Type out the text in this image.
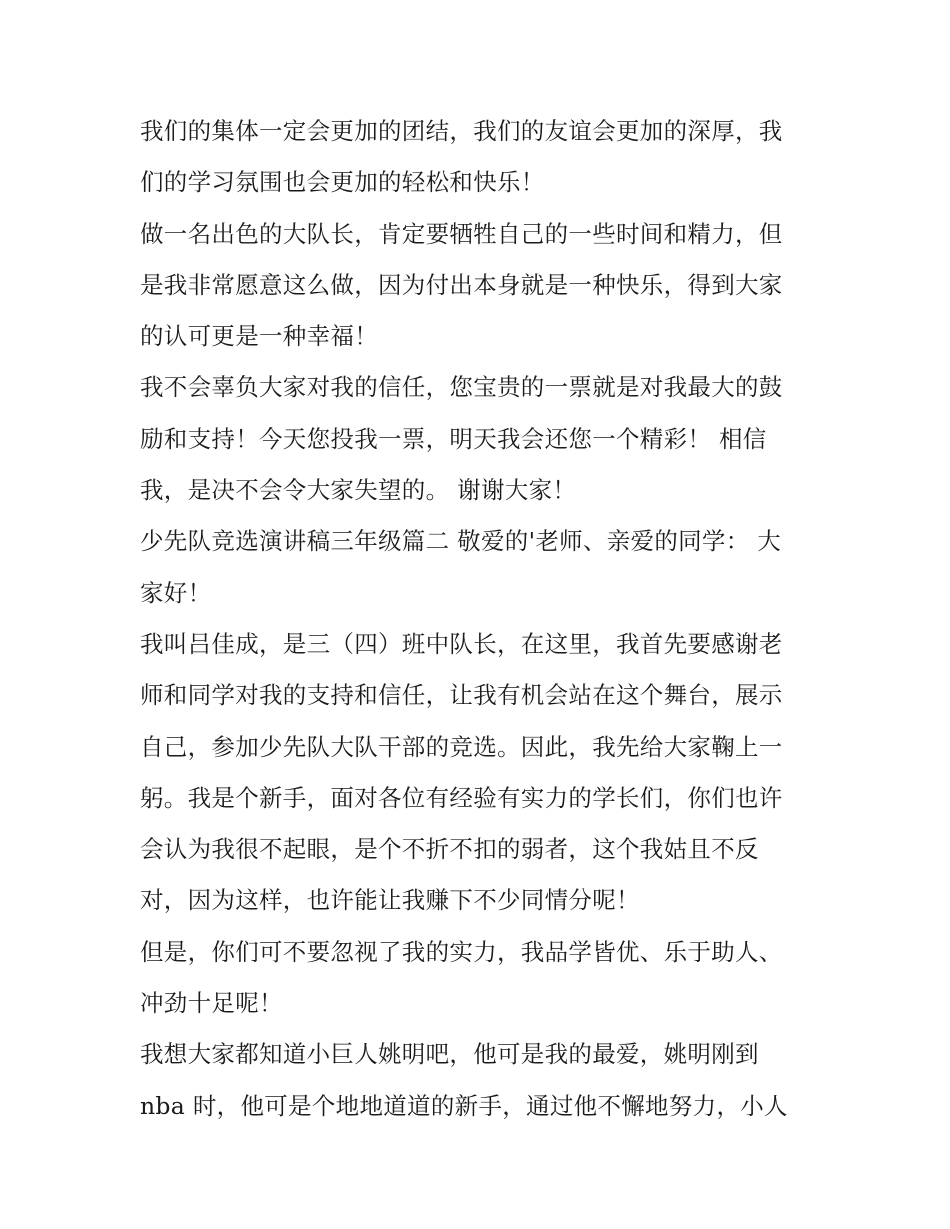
我们的集体一定会更加的团结，我们的友谊会更加的深厚，我
们的学习氛围也会更加的轻松和快乐！
做一名出色的大队长，肯定要牺牲自己的一些时间和精力，但
是我非常愿意这么做，因为付出本身就是一种快乐，得到大家
的认可更是一种幸福！
我不会辜负大家对我的信任，您宝贵的一票就是对我最大的鼓
励和支持！今天您投我一票，明天我会还您一个精彩！ 相信
我，是决不会令大家失望的。 谢谢大家！
少先队竞选演讲稿三年级篇二 敬爱的'老师、亲爱的同学： 大
家好！
我叫吕佳成，是三（四）班中队长，在这里，我首先要感谢老
师和同学对我的支持和信任，让我有机会站在这个舞台，展示
自己，参加少先队大队干部的竞选。因此，我先给大家鞠上一
躬。我是个新手，面对各位有经验有实力的学长们，你们也许
会认为我很不起眼，是个不折不扣的弱者，这个我姑且不反
对，因为这样，也许能让我赚下不少同情分呢！
但是，你们可不要忽视了我的实力，我品学皆优、乐于助人、
冲劲十足呢！
我想大家都知道小巨人姚明吧，他可是我的最爱，姚明刚到
nba 时，他可是个地地道道的新手，通过他不懈地努力，小人
